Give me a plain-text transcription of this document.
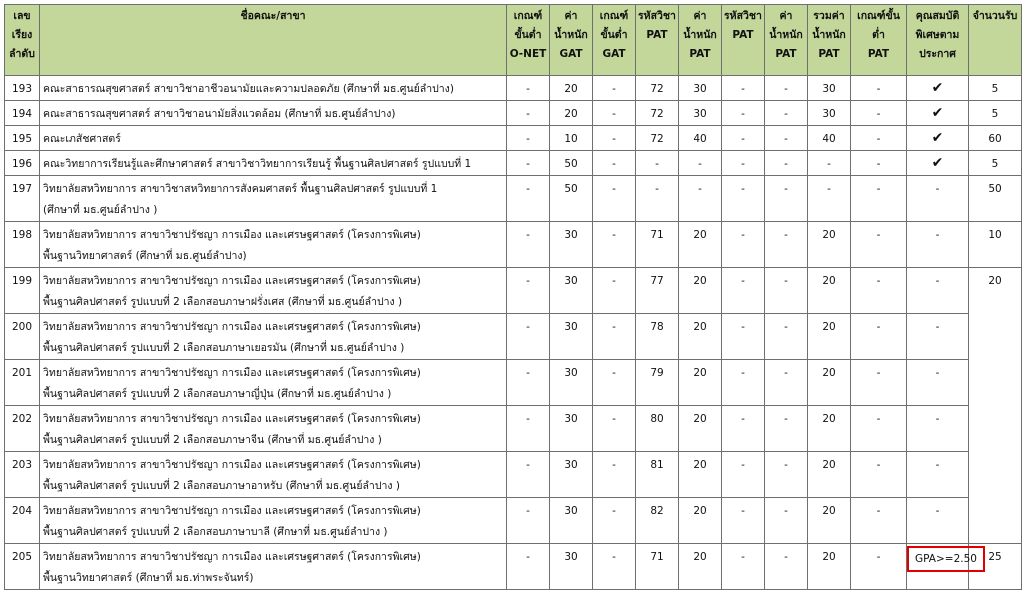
เลข
เรียง
ลำดับ	ชื่อคณะ/สาขา	เกณฑ์
ขั้นต่ำ
O-NET	ค่า
น้ำหนัก
GAT	เกณฑ์
ขั้นต่ำ
GAT	รหัสวิชา
PAT	ค่า
น้ำหนัก
PAT	รหัสวิชา
PAT	ค่า
น้ำหนัก
PAT	รวมค่า
น้ำหนัก
PAT	เกณฑ์ขั้นต่ำ
PAT	คุณสมบัติ
พิเศษตาม
ประกาศ	จำนวนรับ
193	คณะสาธารณสุขศาสตร์ สาขาวิชาอาชีวอนามัยและความปลอดภัย (ศึกษาที่ มธ.ศูนย์ลำปาง)	-	20	-	72	30	-	-	30	-	✔	5
194	คณะสาธารณสุขศาสตร์ สาขาวิชาอนามัยสิ่งแวดล้อม (ศึกษาที่ มธ.ศูนย์ลำปาง)	-	20	-	72	30	-	-	30	-	✔	5
195	คณะเภสัชศาสตร์	-	10	-	72	40	-	-	40	-	✔	60
196	คณะวิทยาการเรียนรู้และศึกษาศาสตร์ สาขาวิชาวิทยาการเรียนรู้ พื้นฐานศิลปศาสตร์ รูปแบบที่ 1	-	50	-	-	-	-	-	-	-	✔	5
197	วิทยาลัยสหวิทยาการ สาขาวิชาสหวิทยาการสังคมศาสตร์ พื้นฐานศิลปศาสตร์ รูปแบบที่ 1
(ศึกษาที่ มธ.ศูนย์ลำปาง )	-	50	-	-	-	-	-	-	-	-	50
198	วิทยาลัยสหวิทยาการ สาขาวิชาปรัชญา การเมือง และเศรษฐศาสตร์ (โครงการพิเศษ)
พื้นฐานวิทยาศาสตร์ (ศึกษาที่ มธ.ศูนย์ลำปาง)	-	30	-	71	20	-	-	20	-	-	10
199	วิทยาลัยสหวิทยาการ สาขาวิชาปรัชญา การเมือง และเศรษฐศาสตร์ (โครงการพิเศษ)
พื้นฐานศิลปศาสตร์ รูปแบบที่ 2 เลือกสอบภาษาฝรั่งเศส (ศึกษาที่ มธ.ศูนย์ลำปาง )	-	30	-	77	20	-	-	20	-	-	20
200	วิทยาลัยสหวิทยาการ สาขาวิชาปรัชญา การเมือง และเศรษฐศาสตร์ (โครงการพิเศษ)
พื้นฐานศิลปศาสตร์ รูปแบบที่ 2 เลือกสอบภาษาเยอรมัน (ศึกษาที่ มธ.ศูนย์ลำปาง )	-	30	-	78	20	-	-	20	-	-	
201	วิทยาลัยสหวิทยาการ สาขาวิชาปรัชญา การเมือง และเศรษฐศาสตร์ (โครงการพิเศษ)
พื้นฐานศิลปศาสตร์ รูปแบบที่ 2 เลือกสอบภาษาญี่ปุ่น (ศึกษาที่ มธ.ศูนย์ลำปาง )	-	30	-	79	20	-	-	20	-	-	
202	วิทยาลัยสหวิทยาการ สาขาวิชาปรัชญา การเมือง และเศรษฐศาสตร์ (โครงการพิเศษ)
พื้นฐานศิลปศาสตร์ รูปแบบที่ 2 เลือกสอบภาษาจีน (ศึกษาที่ มธ.ศูนย์ลำปาง )	-	30	-	80	20	-	-	20	-	-	
203	วิทยาลัยสหวิทยาการ สาขาวิชาปรัชญา การเมือง และเศรษฐศาสตร์ (โครงการพิเศษ)
พื้นฐานศิลปศาสตร์ รูปแบบที่ 2 เลือกสอบภาษาอาหรับ (ศึกษาที่ มธ.ศูนย์ลำปาง )	-	30	-	81	20	-	-	20	-	-	
204	วิทยาลัยสหวิทยาการ สาขาวิชาปรัชญา การเมือง และเศรษฐศาสตร์ (โครงการพิเศษ)
พื้นฐานศิลปศาสตร์ รูปแบบที่ 2 เลือกสอบภาษาบาลี (ศึกษาที่ มธ.ศูนย์ลำปาง )	-	30	-	82	20	-	-	20	-	-	
205	วิทยาลัยสหวิทยาการ สาขาวิชาปรัชญา การเมือง และเศรษฐศาสตร์ (โครงการพิเศษ)
พื้นฐานวิทยาศาสตร์ (ศึกษาที่ มธ.ท่าพระจันทร์)	-	30	-	71	20	-	-	20	-	GPA>=2.50	25
